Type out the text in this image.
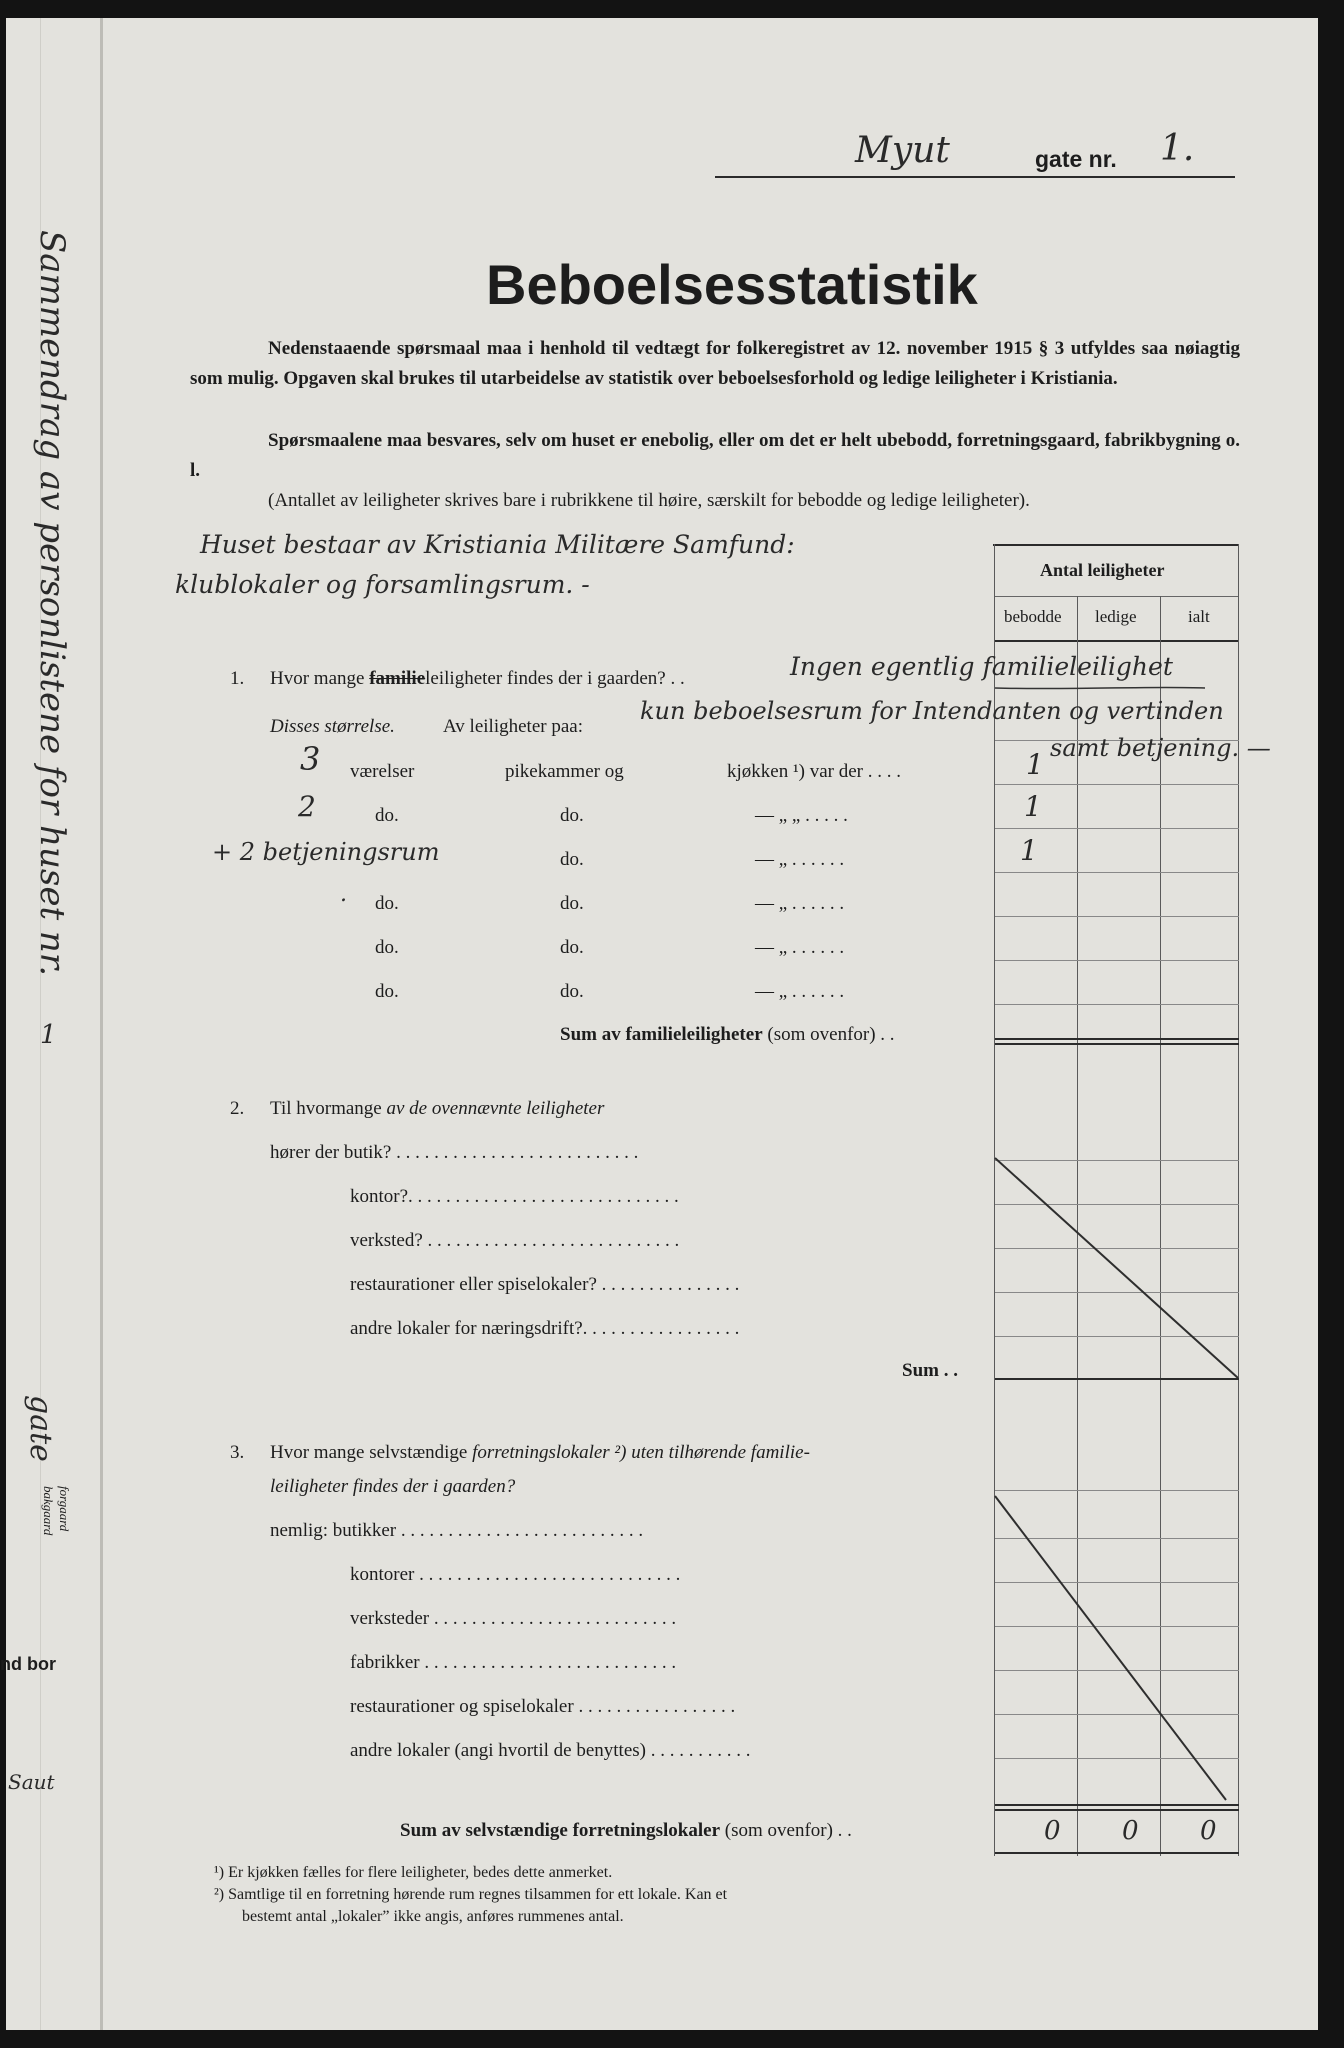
Sammendrag av personlistene for huset nr.
1
gate
forgaard
bakgaard
nd bor
Saut
Myut	gate nr. 1.
Beboelsesstatistik
Nedenstaaende spørsmaal maa i henhold til vedtægt for folkeregistret av 12. november 1915 § 3 utfyldes saa nøiagtig som mulig. Opgaven skal brukes til utarbeidelse av statistik over beboelsesforhold og ledige leiligheter i Kristiania.
Spørsmaalene maa besvares, selv om huset er enebolig, eller om det er helt ubebodd, forretningsgaard, fabrikbygning o. l.
(Antallet av leiligheter skrives bare i rubrikkene til høire, særskilt for bebodde og ledige leiligheter).
Huset bestaar av Kristiania Militære Samfund:
klublokaler og forsamlingsrum. -	Antal leiligheter
bebodde ledige	ialt
1. Hvor mange familieleiligheter findes der i gaarden? . .	Ingen egentlig familieleilighet
kun beboelsesrum for Intendanten og vertinden
samt betjening. —
Disses størrelse.	Av leiligheter paa:
3 værelser	pikekammer og	kjøkken ¹) var der . . . .	1
2	do.	do.	— „ „ . . . . .	1
+ 2 betjeningsrum	do.	— „ . . . . . .	1
. do.	do.	— „ . . . . . .
do.	do.	— „ . . . . . .
do.	do.	— „ . . . . . .
Sum av familieleiligheter (som ovenfor) . .
2. Til hvormange av de ovennævnte leiligheter
hører der butik? . . . . . . . . . . . . . . . . . . . . . . . . . .
kontor?. . . . . . . . . . . . . . . . . . . . . . . . . . . . .
verksted? . . . . . . . . . . . . . . . . . . . . . . . . . . .
restaurationer eller spiselokaler? . . . . . . . . . . . . . . .
andre lokaler for næringsdrift?. . . . . . . . . . . . . . . . .
Sum . .
3. Hvor mange selvstændige forretningslokaler ²) uten tilhørende familie-
leiligheter findes der i gaarden?
nemlig: butikker . . . . . . . . . . . . . . . . . . . . . . . . . .
kontorer . . . . . . . . . . . . . . . . . . . . . . . . . . . .
verksteder . . . . . . . . . . . . . . . . . . . . . . . . . .
fabrikker . . . . . . . . . . . . . . . . . . . . . . . . . . .
restaurationer og spiselokaler . . . . . . . . . . . . . . . . .
andre lokaler (angi hvortil de benyttes) . . . . . . . . . . .
Sum av selvstændige forretningslokaler (som ovenfor) . .	0 0 0
¹) Er kjøkken fælles for flere leiligheter, bedes dette anmerket.
²) Samtlige til en forretning hørende rum regnes tilsammen for ett lokale. Kan et
bestemt antal „lokaler” ikke angis, anføres rummenes antal.
